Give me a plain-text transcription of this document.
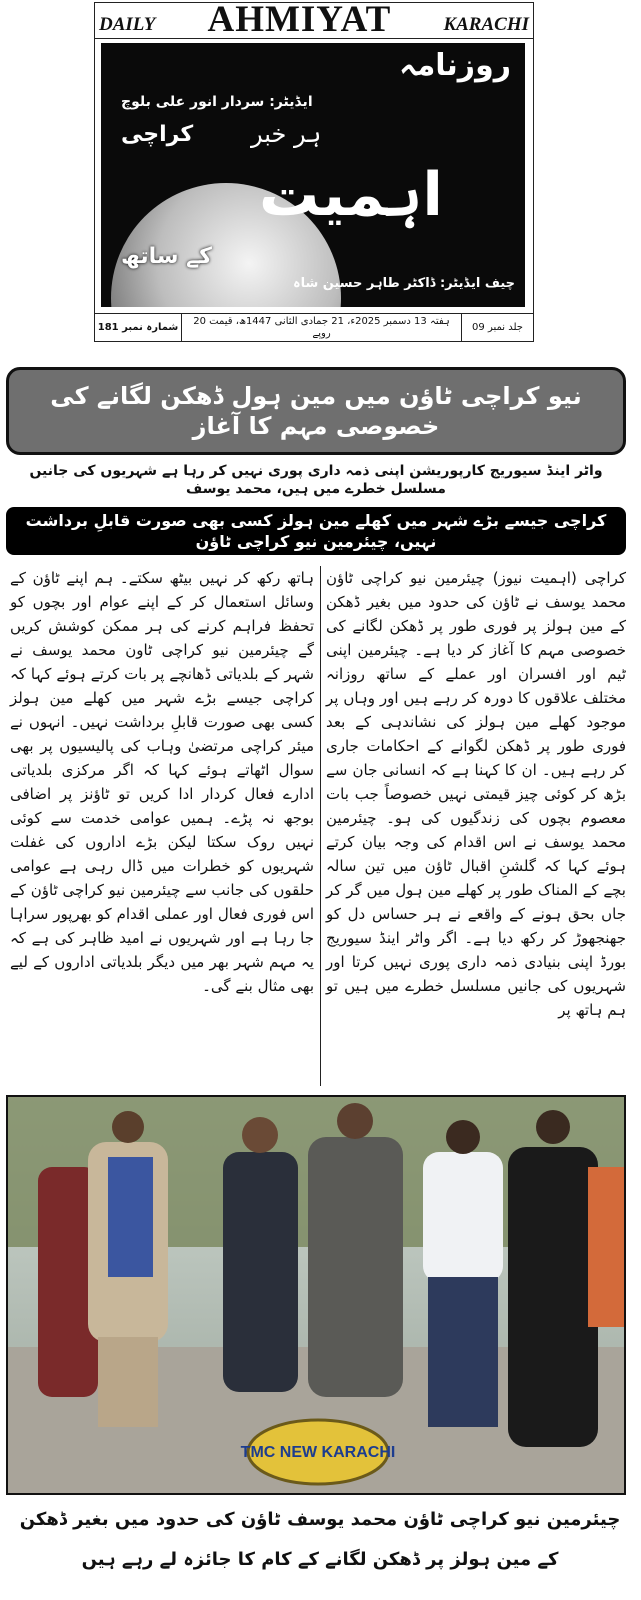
DAILY AHMIYAT	KARACHI
روزنامہ
ایڈیٹر: سردار انور علی بلوچ
کراچی ہر خبر
اہمیت
کے ساتھ
چیف ایڈیٹر: ڈاکٹر طاہر حسین شاہ
جلد نمبر 09
ہفتہ 13 دسمبر 2025ء، 21 جمادی الثانی 1447ھ، قیمت 20 روپے
شمارہ نمبر 181
نیو کراچی ٹاؤن میں مین ہول ڈھکن لگانے کی خصوصی مہم کا آغاز
واٹر اینڈ سیوریج کارپوریشن اپنی ذمہ داری پوری نہیں کر رہا ہے شہریوں کی جانیں مسلسل خطرے میں ہیں، محمد یوسف
کراچی جیسے بڑے شہر میں کھلے مین ہولز کسی بھی صورت قابلِ برداشت نہیں، چیئرمین نیو کراچی ٹاؤن
کراچی (اہمیت نیوز) چیئرمین نیو کراچی ٹاؤن محمد یوسف نے ٹاؤن کی حدود میں بغیر ڈھکن کے مین ہولز پر فوری طور پر ڈھکن لگانے کی خصوصی مہم کا آغاز کر دیا ہے۔ چیئرمین اپنی ٹیم اور افسران اور عملے کے ساتھ روزانہ مختلف علاقوں کا دورہ کر رہے ہیں اور وہاں پر موجود کھلے مین ہولز کی نشاندہی کے بعد فوری طور پر ڈھکن لگوانے کے احکامات جاری کر رہے ہیں۔ ان کا کہنا ہے کہ انسانی جان سے بڑھ کر کوئی چیز قیمتی نہیں خصوصاً جب بات معصوم بچوں کی زندگیوں کی ہو۔ چیئرمین محمد یوسف نے اس اقدام کی وجہ بیان کرتے ہوئے کہا کہ گلشنِ اقبال ٹاؤن میں تین سالہ بچے کے المناک طور پر کھلے مین ہول میں گر کر جاں بحق ہونے کے واقعے نے ہر حساس دل کو جھنجھوڑ کر رکھ دیا ہے۔ اگر واٹر اینڈ سیوریج بورڈ اپنی بنیادی ذمہ داری پوری نہیں کرتا اور شہریوں کی جانیں مسلسل خطرے میں ہیں تو ہم ہاتھ پر
ہاتھ رکھ کر نہیں بیٹھ سکتے۔ ہم اپنے ٹاؤن کے وسائل استعمال کر کے اپنے عوام اور بچوں کو تحفظ فراہم کرنے کی ہر ممکن کوشش کریں گے چیئرمین نیو کراچی ٹاون محمد یوسف نے شہر کے بلدیاتی ڈھانچے پر بات کرتے ہوئے کہا کہ کراچی جیسے بڑے شہر میں کھلے مین ہولز کسی بھی صورت قابلِ برداشت نہیں۔ انہوں نے میئر کراچی مرتضیٰ وہاب کی پالیسیوں پر بھی سوال اٹھاتے ہوئے کہا کہ اگر مرکزی بلدیاتی ادارے فعال کردار ادا کریں تو ٹاؤنز پر اضافی بوجھ نہ پڑے۔ ہمیں عوامی خدمت سے کوئی نہیں روک سکتا لیکن بڑے اداروں کی غفلت شہریوں کو خطرات میں ڈال رہی ہے عوامی حلقوں کی جانب سے چیئرمین نیو کراچی ٹاؤن کے اس فوری فعال اور عملی اقدام کو بھرپور سراہا جا رہا ہے اور شہریوں نے امید ظاہر کی ہے کہ یہ مہم شہر بھر میں دیگر بلدیاتی اداروں کے لیے بھی مثال بنے گی۔
TMC NEW KARACHI
چیئرمین نیو کراچی ٹاؤن محمد یوسف ٹاؤن کی حدود میں بغیر ڈھکن کے مین ہولز پر ڈھکن لگانے کے کام کا جائزہ لے رہے ہیں
